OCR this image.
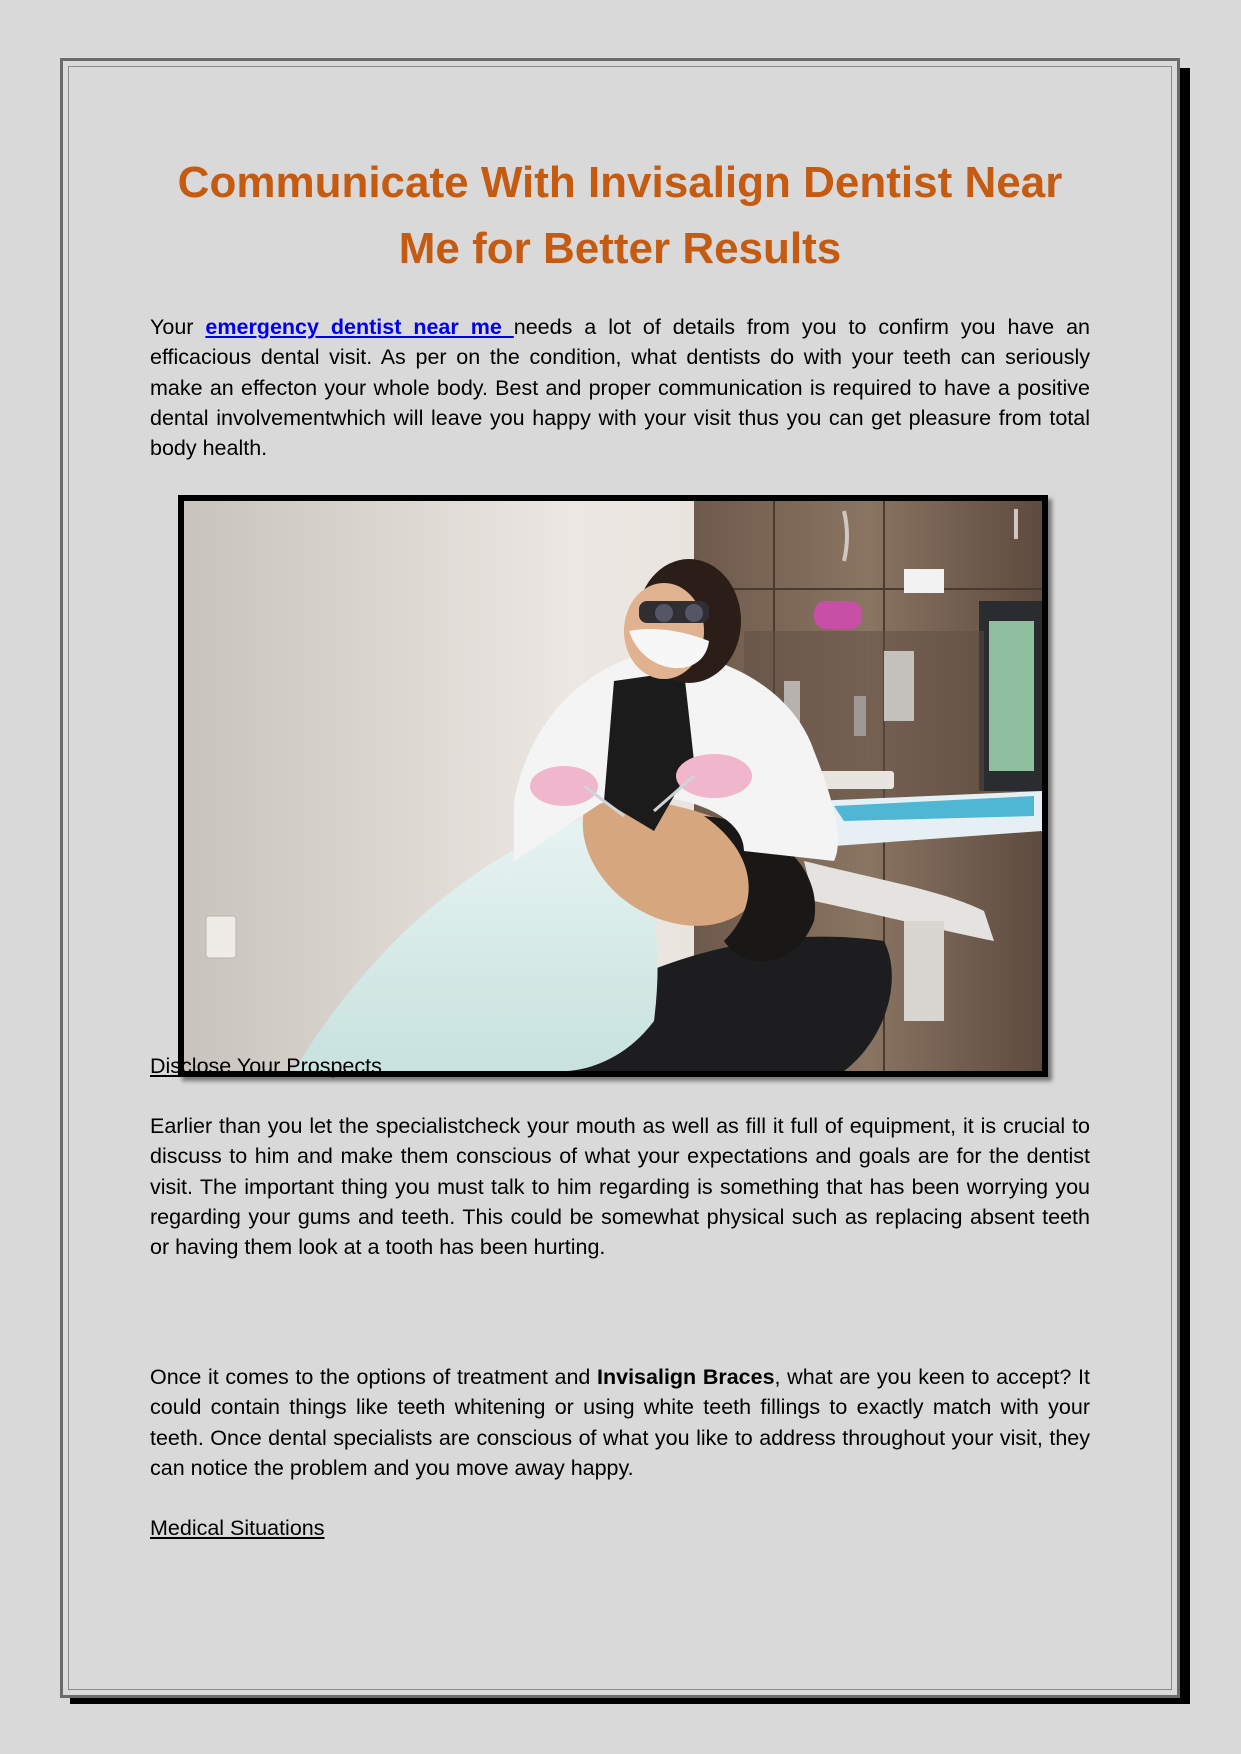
Communicate With Invisalign Dentist Near Me for Better Results

Your emergency dentist near me needs a lot of details from you to confirm you have an efficacious dental visit. As per on the condition, what dentists do with your teeth can seriously make an effecton your whole body. Best and proper communication is required to have a positive dental involvementwhich will leave you happy with your visit thus you can get pleasure from total body health.

Disclose Your Prospects

Earlier than you let the specialistcheck your mouth as well as fill it full of equipment, it is crucial to discuss to him and make them conscious of what your expectations and goals are for the dentist visit. The important thing you must talk to him regarding is something that has been worrying you regarding your gums and teeth. This could be somewhat physical such as replacing absent teeth or having them look at a tooth has been hurting.

Once it comes to the options of treatment and Invisalign Braces, what are you keen to accept? It could contain things like teeth whitening or using white teeth fillings to exactly match with your teeth. Once dental specialists are conscious of what you like to address throughout your visit, they can notice the problem and you move away happy.

Medical Situations
